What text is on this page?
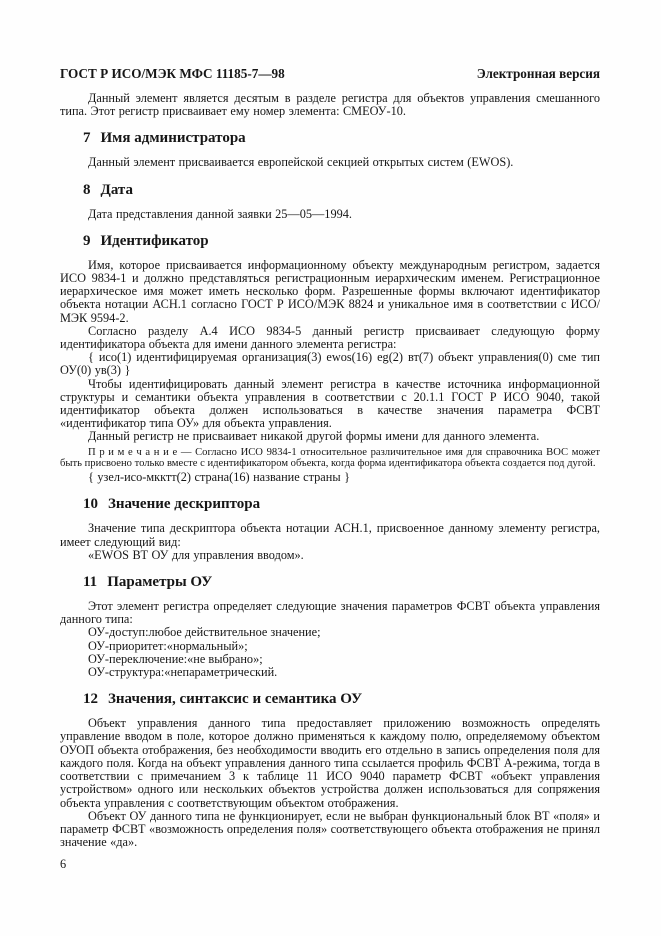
ГОСТ Р ИСО/МЭК МФС 11185-7—98	Электронная версия

Данный элемент является десятым в разделе регистра для объектов управления смешанного типа. Этот регистр присваивает ему номер элемента: СМЕОУ-10.

7 Имя администратора

Данный элемент присваивается европейской секцией открытых систем (EWOS).

8 Дата

Дата представления данной заявки 25—05—1994.

9 Идентификатор

Имя, которое присваивается информационному объекту международным регистром, задается ИСО 9834-1 и должно представляться регистрационным иерархическим именем. Регистрационное иерархическое имя может иметь несколько форм. Разрешенные формы включают идентификатор объекта нотации АСН.1 согласно ГОСТ Р ИСО/МЭК 8824 и уникальное имя в соответствии с ИСО/МЭК 9594-2.

Согласно разделу А.4 ИСО 9834-5 данный регистр присваивает следующую форму идентификатора объекта для имени данного элемента регистра:

{ исо(1) идентифицируемая организация(3) ewos(16) eg(2) вт(7) объект управления(0) сме тип ОУ(0) ув(3) }

Чтобы идентифицировать данный элемент регистра в качестве источника информационной структуры и семантики объекта управления в соответствии с 20.1.1 ГОСТ Р ИСО 9040, такой идентификатор объекта должен использоваться в качестве значения параметра ФСВТ «идентификатор типа ОУ» для объекта управления.

Данный регистр не присваивает никакой другой формы имени для данного элемента.

П р и м е ч а н и е — Согласно ИСО 9834-1 относительное различительное имя для справочника ВОС может быть присвоено только вместе с идентификатором объекта, когда форма идентификатора объекта создается под дугой.

{ узел-исо-мкктт(2) страна(16) название страны }

10 Значение дескриптора

Значение типа дескриптора объекта нотации АСН.1, присвоенное данному элементу регистра, имеет следующий вид:

«EWOS ВТ ОУ для управления вводом».

11 Параметры ОУ

Этот элемент регистра определяет следующие значения параметров ФСВТ объекта управления данного типа:

ОУ-доступ:любое действительное значение;

ОУ-приоритет:«нормальный»;

ОУ-переключение:«не выбрано»;

ОУ-структура:«непараметрический.

12 Значения, синтаксис и семантика ОУ

Объект управления данного типа предоставляет приложению возможность определять управление вводом в поле, которое должно применяться к каждому полю, определяемому объектом ОУОП объекта отображения, без необходимости вводить его отдельно в запись определения поля для каждого поля. Когда на объект управления данного типа ссылается профиль ФСВТ А-режима, тогда в соответствии с примечанием 3 к таблице 11 ИСО 9040 параметр ФСВТ «объект управления устройством» одного или нескольких объектов устройства должен использоваться для сопряжения объекта управления с соответствующим объектом отображения.

Объект ОУ данного типа не функционирует, если не выбран функциональный блок ВТ «поля» и параметр ФСВТ «возможность определения поля» соответствующего объекта отображения не принял значение «да».

6
